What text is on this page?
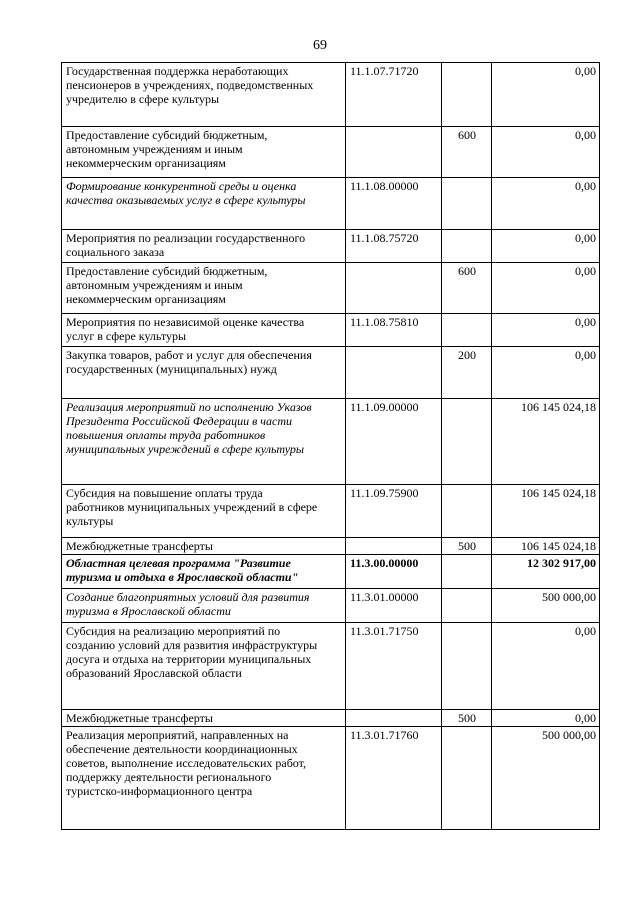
69
Государственная поддержка неработающих
пенсионеров в учреждениях, подведомственных
учредителю в сфере культуры	11.1.07.71720		0,00
Предоставление субсидий бюджетным,
автономным учреждениям и иным
некоммерческим организациям		600	0,00
Формирование конкурентной среды и оценка
качества оказываемых услуг в сфере культуры	11.1.08.00000		0,00
Мероприятия по реализации государственного
социального заказа	11.1.08.75720		0,00
Предоставление субсидий бюджетным,
автономным учреждениям и иным
некоммерческим организациям		600	0,00
Мероприятия по независимой оценке качества
услуг в сфере культуры	11.1.08.75810		0,00
Закупка товаров, работ и услуг для обеспечения
государственных (муниципальных) нужд		200	0,00
Реализация мероприятий по исполнению Указов
Президента Российской Федерации в части
повышения оплаты труда работников
муниципальных учреждений в сфере культуры	11.1.09.00000		106 145 024,18
Субсидия на повышение оплаты труда
работников муниципальных учреждений в сфере
культуры	11.1.09.75900		106 145 024,18
Межбюджетные трансферты		500	106 145 024,18
Областная целевая программа "Развитие
туризма и отдыха в Ярославской области"	11.3.00.00000		12 302 917,00
Создание благоприятных условий для развития
туризма в Ярославской области	11.3.01.00000		500 000,00
Субсидия на реализацию мероприятий по
созданию условий для развития инфраструктуры
досуга и отдыха на территории муниципальных
образований Ярославской области	11.3.01.71750		0,00
Межбюджетные трансферты		500	0,00
Реализация мероприятий, направленных на
обеспечение деятельности координационных
советов, выполнение исследовательских работ,
поддержку деятельности регионального
туристско-информационного центра	11.3.01.71760		500 000,00
